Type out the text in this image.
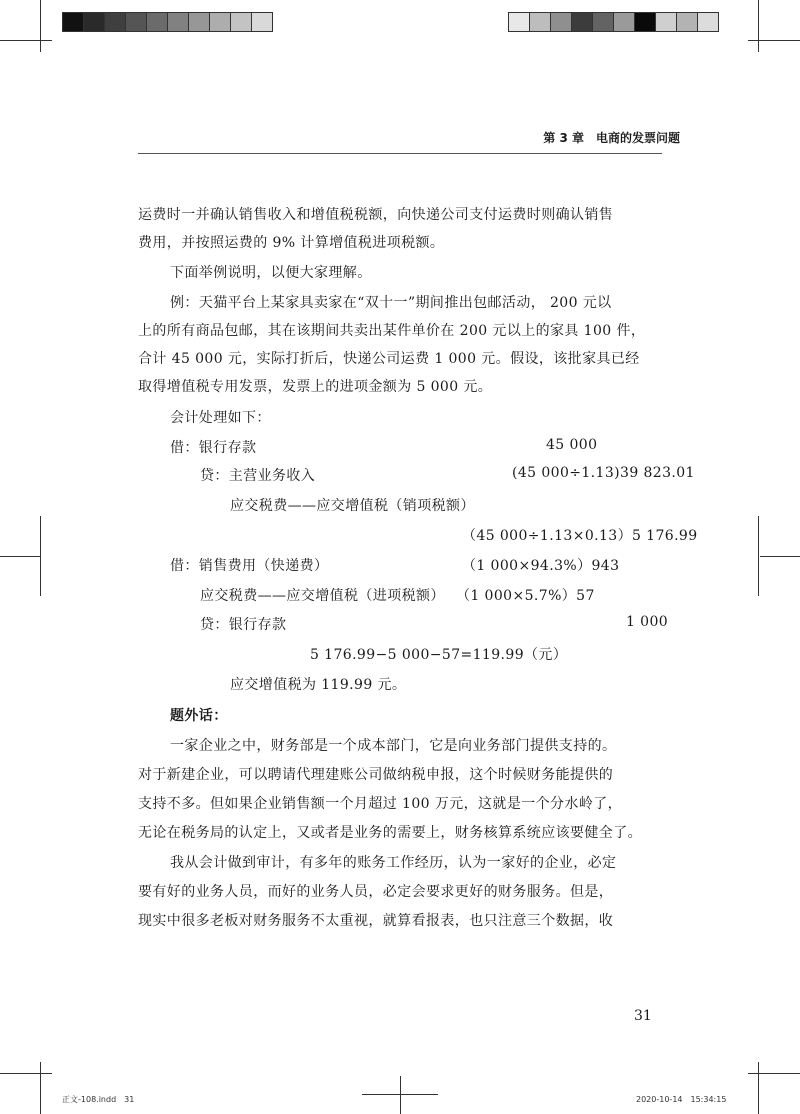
第 3 章　电商的发票问题
运费时一并确认销售收入和增值税税额，向快递公司支付运费时则确认销售
费用，并按照运费的 9% 计算增值税进项税额。
下面举例说明，以便大家理解。
例：天猫平台上某家具卖家在“双十一”期间推出包邮活动， 200 元以
上的所有商品包邮，其在该期间共卖出某件单价在 200 元以上的家具 100 件，
合计 45 000 元，实际打折后，快递公司运费 1 000 元。假设，该批家具已经
取得增值税专用发票，发票上的进项金额为 5 000 元。
会计处理如下：
借：银行存款	45 000
贷：主营业务收入	(45 000÷1.13)39 823.01
应交税费——应交增值税（销项税额）
（45 000÷1.13×0.13）5 176.99
借：销售费用（快递费）	（1 000×94.3%）943
应交税费——应交增值税（进项税额） （1 000×5.7%）57
贷：银行存款	1 000
5 176.99−5 000−57=119.99（元）
应交增值税为 119.99 元。
题外话：
一家企业之中，财务部是一个成本部门，它是向业务部门提供支持的。
对于新建企业，可以聘请代理建账公司做纳税申报，这个时候财务能提供的
支持不多。但如果企业销售额一个月超过 100 万元，这就是一个分水岭了，
无论在税务局的认定上，又或者是业务的需要上，财务核算系统应该要健全了。
我从会计做到审计，有多年的账务工作经历，认为一家好的企业，必定
要有好的业务人员，而好的业务人员，必定会要求更好的财务服务。但是，
现实中很多老板对财务服务不太重视，就算看报表，也只注意三个数据，收
31
正文-108.indd　31	2020-10-14　15:34:15
